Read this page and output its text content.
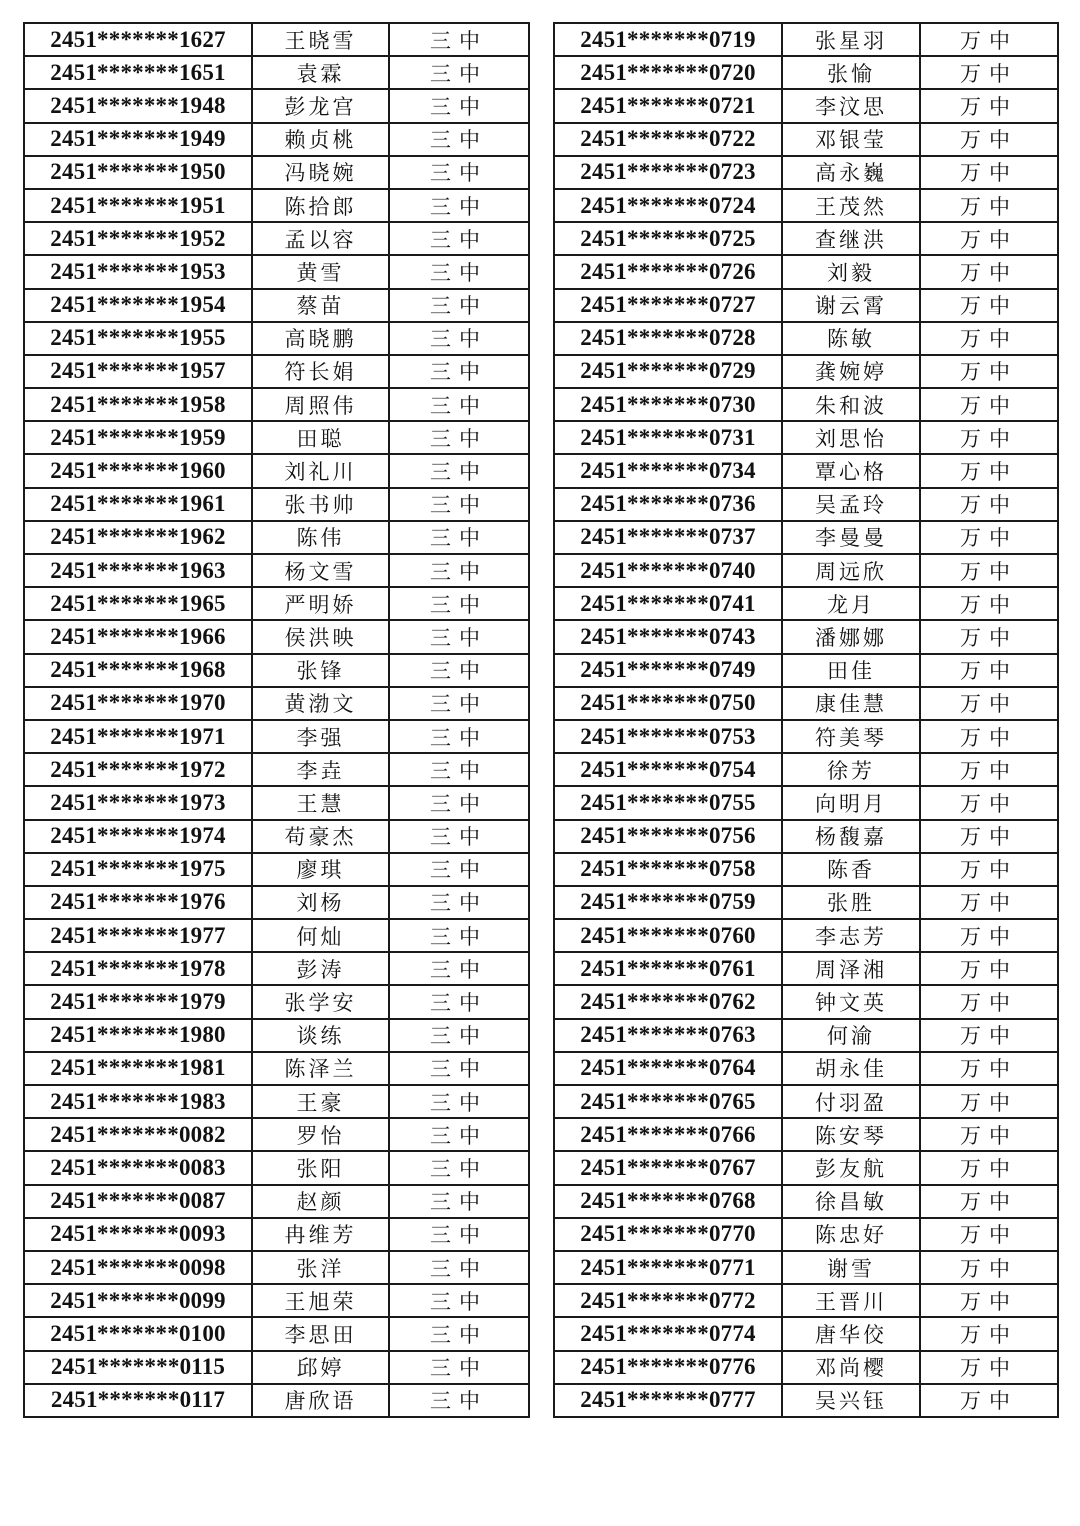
2451*******1627	王晓雪	三中
2451*******1651	袁霖	三中
2451*******1948	彭龙宫	三中
2451*******1949	赖贞桃	三中
2451*******1950	冯晓婉	三中
2451*******1951	陈拾郎	三中
2451*******1952	孟以容	三中
2451*******1953	黄雪	三中
2451*******1954	蔡苗	三中
2451*******1955	高晓鹏	三中
2451*******1957	符长娟	三中
2451*******1958	周照伟	三中
2451*******1959	田聪	三中
2451*******1960	刘礼川	三中
2451*******1961	张书帅	三中
2451*******1962	陈伟	三中
2451*******1963	杨文雪	三中
2451*******1965	严明娇	三中
2451*******1966	侯洪映	三中
2451*******1968	张锋	三中
2451*******1970	黄渤文	三中
2451*******1971	李强	三中
2451*******1972	李垚	三中
2451*******1973	王慧	三中
2451*******1974	苟豪杰	三中
2451*******1975	廖琪	三中
2451*******1976	刘杨	三中
2451*******1977	何灿	三中
2451*******1978	彭涛	三中
2451*******1979	张学安	三中
2451*******1980	谈练	三中
2451*******1981	陈泽兰	三中
2451*******1983	王豪	三中
2451*******0082	罗怡	三中
2451*******0083	张阳	三中
2451*******0087	赵颜	三中
2451*******0093	冉维芳	三中
2451*******0098	张洋	三中
2451*******0099	王旭荣	三中
2451*******0100	李思田	三中
2451*******0115	邱婷	三中
2451*******0117	唐欣语	三中
2451*******0719	张星羽	万中
2451*******0720	张愉	万中
2451*******0721	李汶思	万中
2451*******0722	邓银莹	万中
2451*******0723	高永巍	万中
2451*******0724	王茂然	万中
2451*******0725	查继洪	万中
2451*******0726	刘毅	万中
2451*******0727	谢云霄	万中
2451*******0728	陈敏	万中
2451*******0729	龚婉婷	万中
2451*******0730	朱和波	万中
2451*******0731	刘思怡	万中
2451*******0734	覃心格	万中
2451*******0736	吴孟玲	万中
2451*******0737	李曼曼	万中
2451*******0740	周远欣	万中
2451*******0741	龙月	万中
2451*******0743	潘娜娜	万中
2451*******0749	田佳	万中
2451*******0750	康佳慧	万中
2451*******0753	符美琴	万中
2451*******0754	徐芳	万中
2451*******0755	向明月	万中
2451*******0756	杨馥嘉	万中
2451*******0758	陈香	万中
2451*******0759	张胜	万中
2451*******0760	李志芳	万中
2451*******0761	周泽湘	万中
2451*******0762	钟文英	万中
2451*******0763	何渝	万中
2451*******0764	胡永佳	万中
2451*******0765	付羽盈	万中
2451*******0766	陈安琴	万中
2451*******0767	彭友航	万中
2451*******0768	徐昌敏	万中
2451*******0770	陈忠好	万中
2451*******0771	谢雪	万中
2451*******0772	王晋川	万中
2451*******0774	唐华佼	万中
2451*******0776	邓尚樱	万中
2451*******0777	吴兴钰	万中
